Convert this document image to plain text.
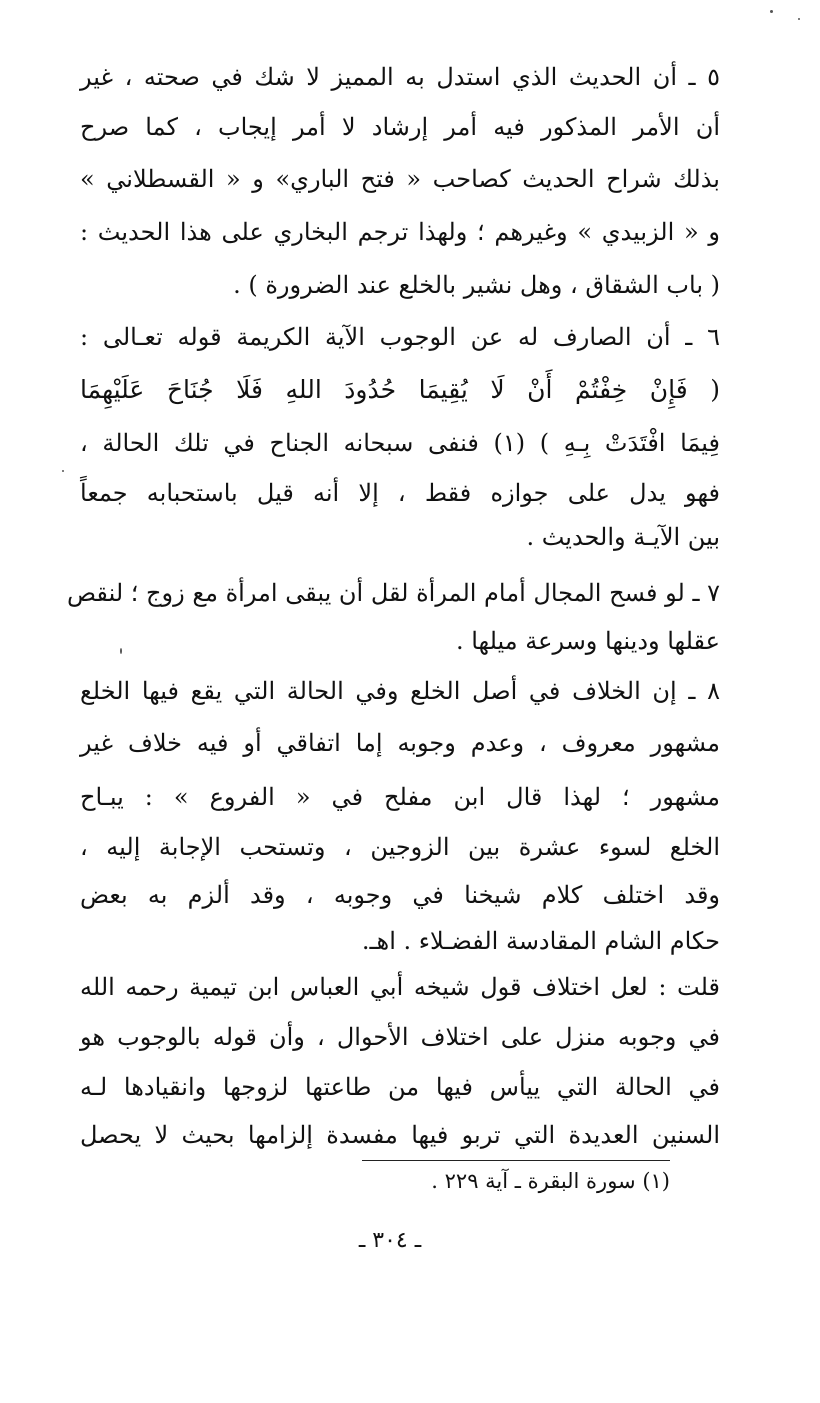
٥ ـ أن الحديث الذي استدل به المميز لا شك في صحته ، غير
أن الأمر المذكور فيه أمر إرشاد لا أمر إيجاب ، كما صرح
بذلك شراح الحديث كصاحب « فتح الباري» و « القسطلاني »
و « الزبيدي » وغيرهم ؛ ولهذا ترجم البخاري على هذا الحديث :
( باب الشقاق ، وهل نشير بالخلع عند الضرورة ) .
٦ ـ أن الصارف له عن الوجوب الآية الكريمة قوله تعـالى :
( فَإِنْ خِفْتُمْ أَنْ لَا يُقِيمَا حُدُودَ اللهِ فَلَا جُنَاحَ عَلَيْهِمَا
فِيمَا افْتَدَتْ بِـهِ ) (١) فنفى سبحانه الجناح في تلك الحالة ،
فهو يدل على جوازه فقط ، إلا أنه قيل باستحبابه جمعاً
بين الآيـة والحديث .
٧ ـ لو فسح المجال أمام المرأة لقل أن يبقى امرأة مع زوج ؛ لنقص
عقلها ودينها وسرعة ميلها .
٨ ـ إن الخلاف في أصل الخلع وفي الحالة التي يقع فيها الخلع
مشهور معروف ، وعدم وجوبه إما اتفاقي أو فيه خلاف غير
مشهور ؛ لهذا قال ابن مفلح في « الفروع » : يبـاح
الخلع لسوء عشرة بين الزوجين ، وتستحب الإجابة إليه ،
وقد اختلف كلام شيخنا في وجوبه ، وقد ألزم به بعض
حكام الشام المقادسة الفضـلاء . اهـ.
قلت : لعل اختلاف قول شيخه أبي العباس ابن تيمية رحمه الله
في وجوبه منزل على اختلاف الأحوال ، وأن قوله بالوجوب هو
في الحالة التي ييأس فيها من طاعتها لزوجها وانقيادها لـه
السنين العديدة التي تربو فيها مفسدة إلزامها بحيث لا يحصل
(١) سورة البقرة ـ آية ٢٢٩ .
ـ ٣٠٤ ـ
